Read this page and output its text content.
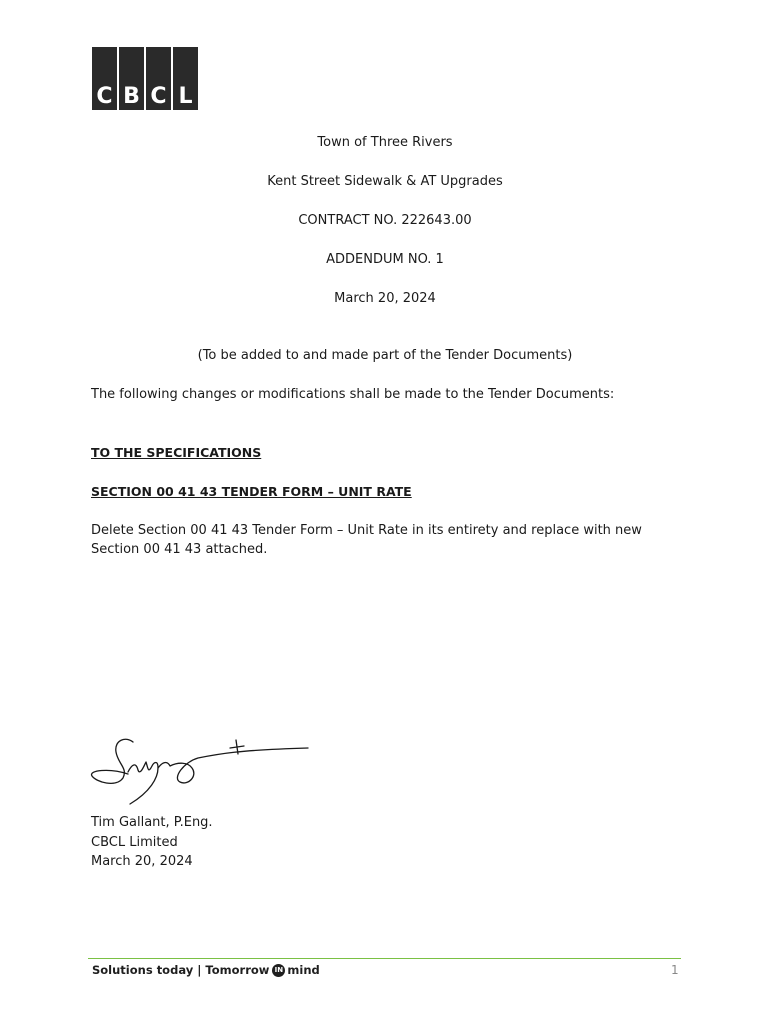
C B C L
Town of Three Rivers
Kent Street Sidewalk & AT Upgrades
CONTRACT NO. 222643.00
ADDENDUM NO. 1
March 20, 2024
(To be added to and made part of the Tender Documents)
The following changes or modifications shall be made to the Tender Documents:
TO THE SPECIFICATIONS
SECTION 00 41 43 TENDER FORM – UNIT RATE
Delete Section 00 41 43 Tender Form – Unit Rate in its entirety and replace with new Section 00 41 43 attached.
Tim Gallant, P.Eng.
CBCL Limited
March 20, 2024
Solutions today | Tomorrow IN mind	1
